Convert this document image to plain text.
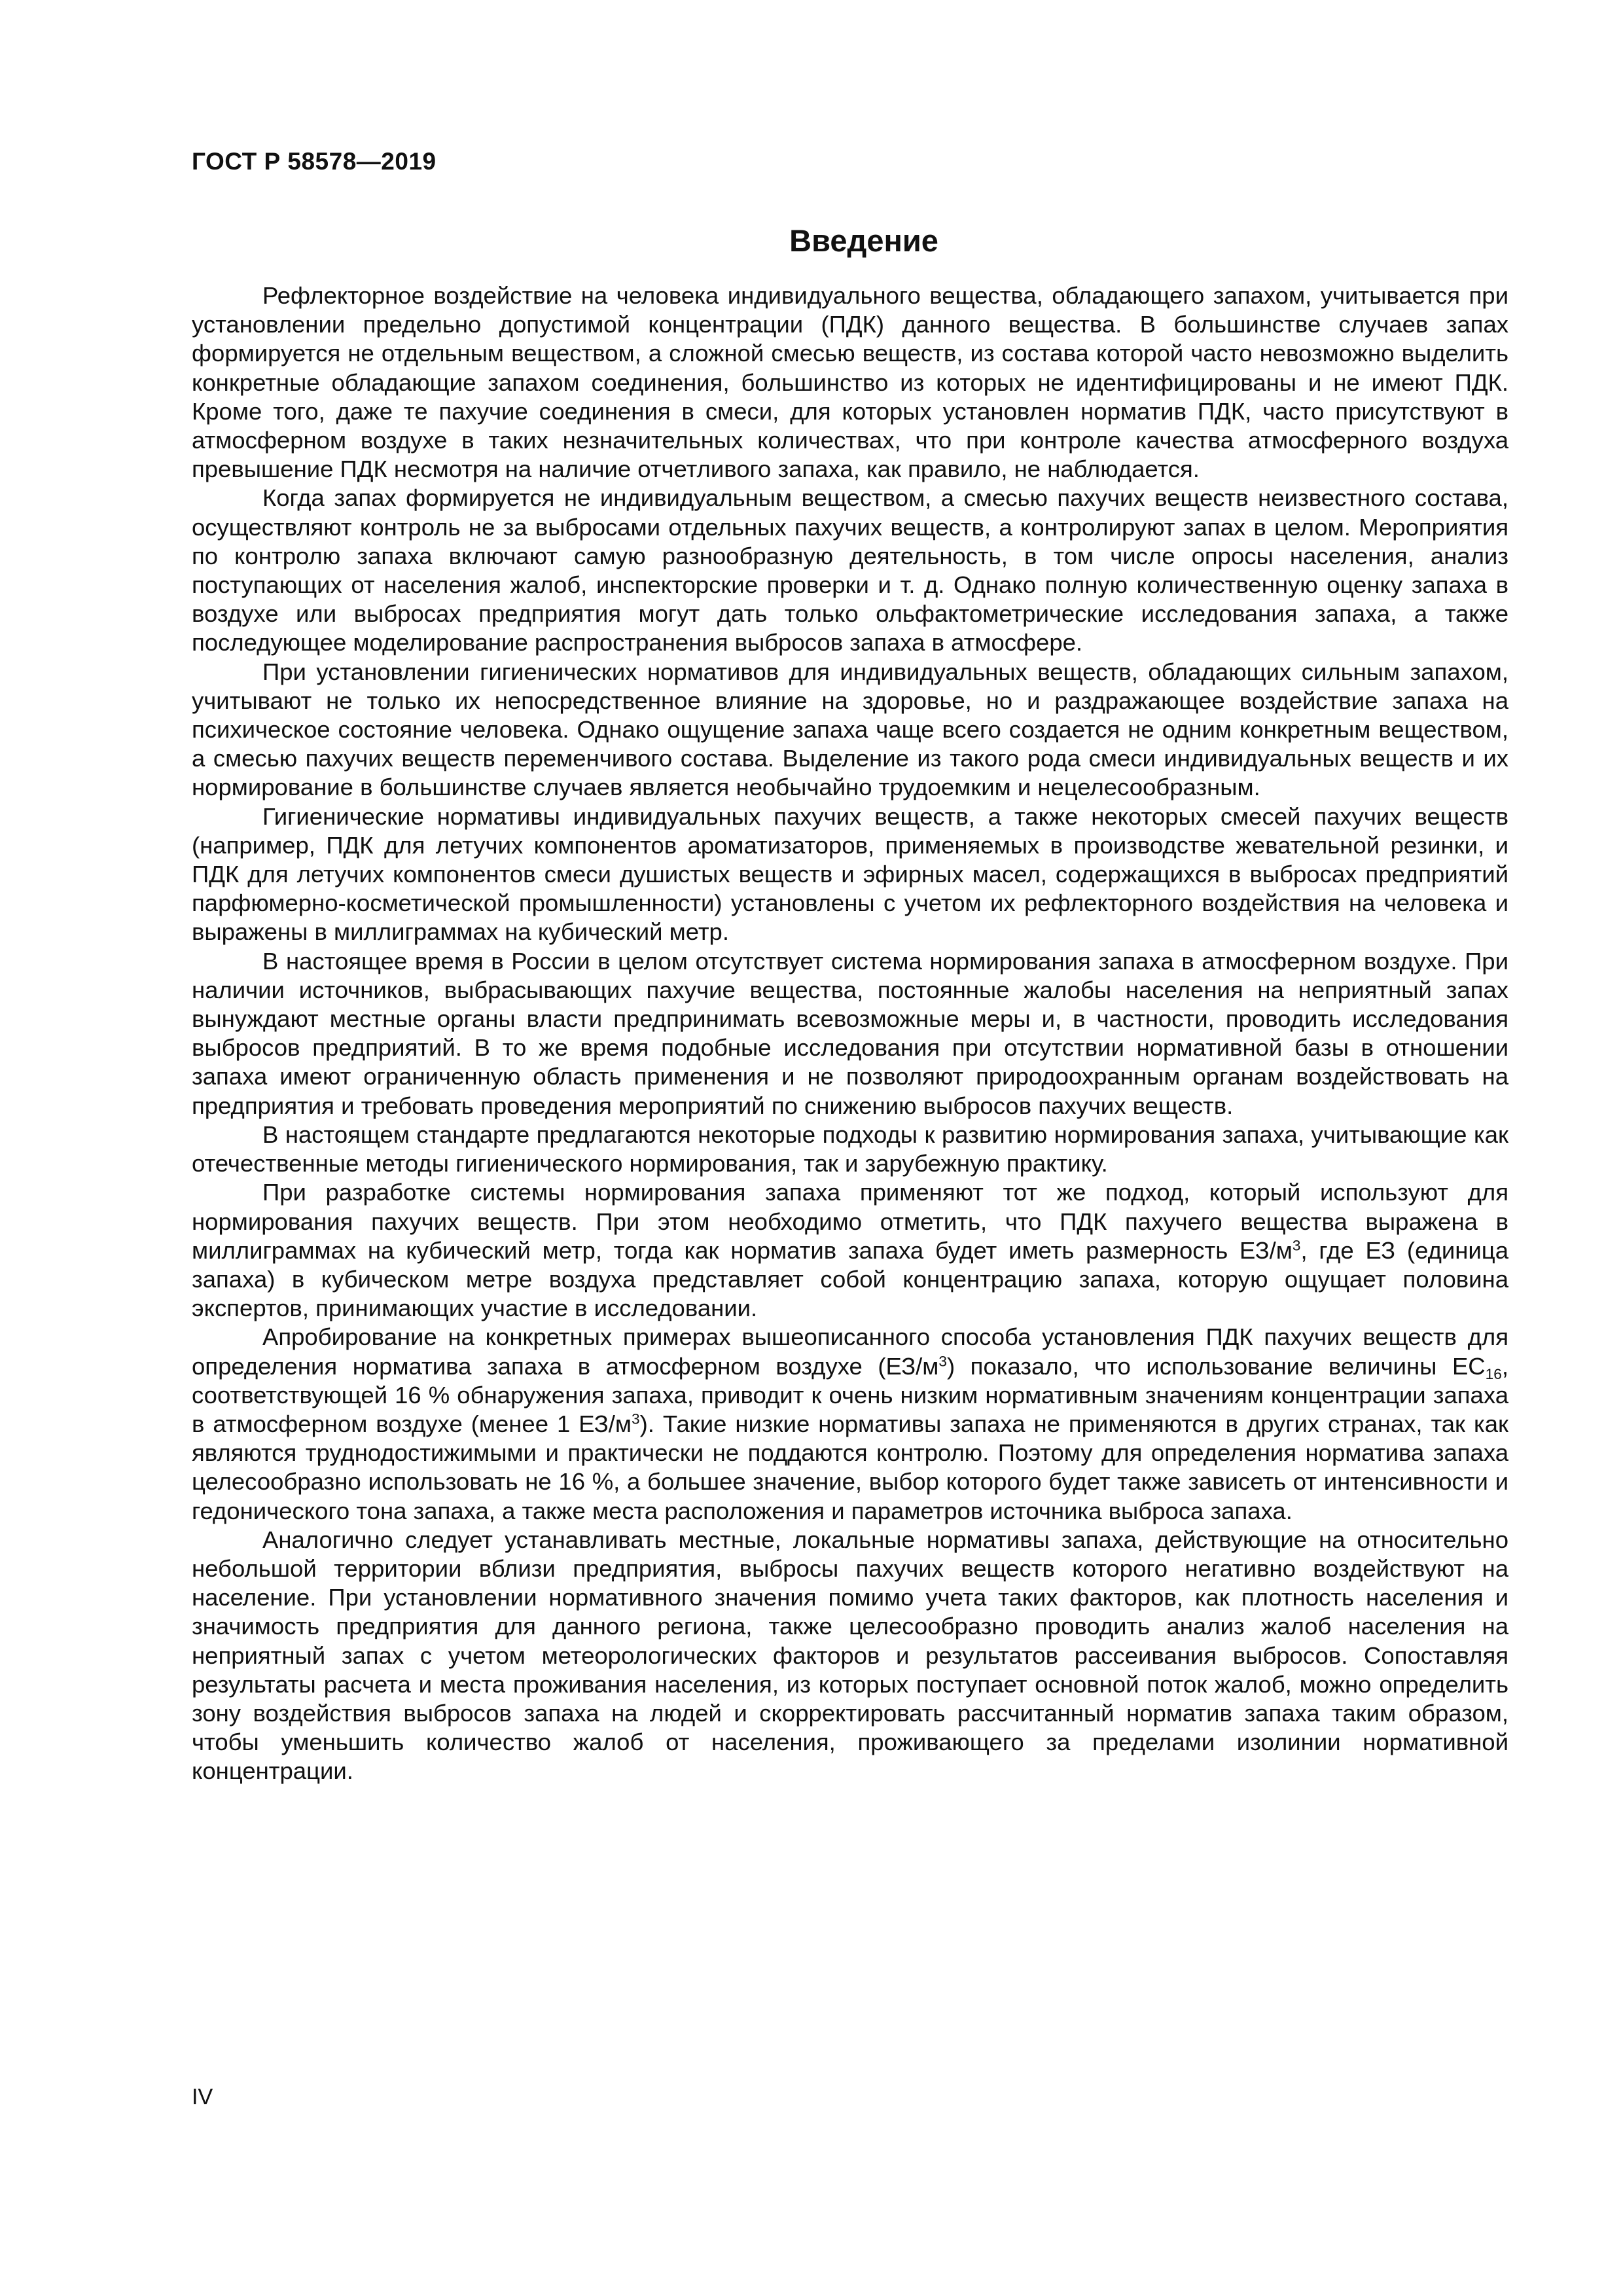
ГОСТ Р 58578—2019

Введение

Рефлекторное воздействие на человека индивидуального вещества, обладающего запахом, учитывается при установлении предельно допустимой концентрации (ПДК) данного вещества. В большинстве случаев запах формируется не отдельным веществом, а сложной смесью веществ, из состава которой часто невозможно выделить конкретные обладающие запахом соединения, большинство из которых не идентифицированы и не имеют ПДК. Кроме того, даже те пахучие соединения в смеси, для которых установлен норматив ПДК, часто присутствуют в атмосферном воздухе в таких незначительных количествах, что при контроле качества атмосферного воздуха превышение ПДК несмотря на наличие отчетливого запаха, как правило, не наблюдается.

Когда запах формируется не индивидуальным веществом, а смесью пахучих веществ неизвестного состава, осуществляют контроль не за выбросами отдельных пахучих веществ, а контролируют запах в целом. Мероприятия по контролю запаха включают самую разнообразную деятельность, в том числе опросы населения, анализ поступающих от населения жалоб, инспекторские проверки и т. д. Однако полную количественную оценку запаха в воздухе или выбросах предприятия могут дать только ольфактометрические исследования запаха, а также последующее моделирование распространения выбросов запаха в атмосфере.

При установлении гигиенических нормативов для индивидуальных веществ, обладающих сильным запахом, учитывают не только их непосредственное влияние на здоровье, но и раздражающее воздействие запаха на психическое состояние человека. Однако ощущение запаха чаще всего создается не одним конкретным веществом, а смесью пахучих веществ переменчивого состава. Выделение из такого рода смеси индивидуальных веществ и их нормирование в большинстве случаев является необычайно трудоемким и нецелесообразным.

Гигиенические нормативы индивидуальных пахучих веществ, а также некоторых смесей пахучих веществ (например, ПДК для летучих компонентов ароматизаторов, применяемых в производстве жевательной резинки, и ПДК для летучих компонентов смеси душистых веществ и эфирных масел, содержащихся в выбросах предприятий парфюмерно-косметической промышленности) установлены с учетом их рефлекторного воздействия на человека и выражены в миллиграммах на кубический метр.

В настоящее время в России в целом отсутствует система нормирования запаха в атмосферном воздухе. При наличии источников, выбрасывающих пахучие вещества, постоянные жалобы населения на неприятный запах вынуждают местные органы власти предпринимать всевозможные меры и, в частности, проводить исследования выбросов предприятий. В то же время подобные исследования при отсутствии нормативной базы в отношении запаха имеют ограниченную область применения и не позволяют природоохранным органам воздействовать на предприятия и требовать проведения мероприятий по снижению выбросов пахучих веществ.

В настоящем стандарте предлагаются некоторые подходы к развитию нормирования запаха, учитывающие как отечественные методы гигиенического нормирования, так и зарубежную практику.

При разработке системы нормирования запаха применяют тот же подход, который используют для нормирования пахучих веществ. При этом необходимо отметить, что ПДК пахучего вещества выражена в миллиграммах на кубический метр, тогда как норматив запаха будет иметь размерность $ЕЗ/м^3$, где ЕЗ (единица запаха) в кубическом метре воздуха представляет собой концентрацию запаха, которую ощущает половина экспертов, принимающих участие в исследовании.

Апробирование на конкретных примерах вышеописанного способа установления ПДК пахучих веществ для определения норматива запаха в атмосферном воздухе $(ЕЗ/м^3)$ показало, что использование величины $ЕС_{16}$, соответствующей 16 % обнаружения запаха, приводит к очень низким нормативным значениям концентрации запаха в атмосферном воздухе (менее 1 $ЕЗ/м^3$). Такие низкие нормативы запаха не применяются в других странах, так как являются труднодостижимыми и практически не поддаются контролю. Поэтому для определения норматива запаха целесообразно использовать не 16 %, а большее значение, выбор которого будет также зависеть от интенсивности и гедонического тона запаха, а также места расположения и параметров источника выброса запаха.

Аналогично следует устанавливать местные, локальные нормативы запаха, действующие на относительно небольшой территории вблизи предприятия, выбросы пахучих веществ которого негативно воздействуют на население. При установлении нормативного значения помимо учета таких факторов, как плотность населения и значимость предприятия для данного региона, также целесообразно проводить анализ жалоб населения на неприятный запах с учетом метеорологических факторов и результатов рассеивания выбросов. Сопоставляя результаты расчета и места проживания населения, из которых поступает основной поток жалоб, можно определить зону воздействия выбросов запаха на людей и скорректировать рассчитанный норматив запаха таким образом, чтобы уменьшить количество жалоб от населения, проживающего за пределами изолинии нормативной концентрации.

IV
